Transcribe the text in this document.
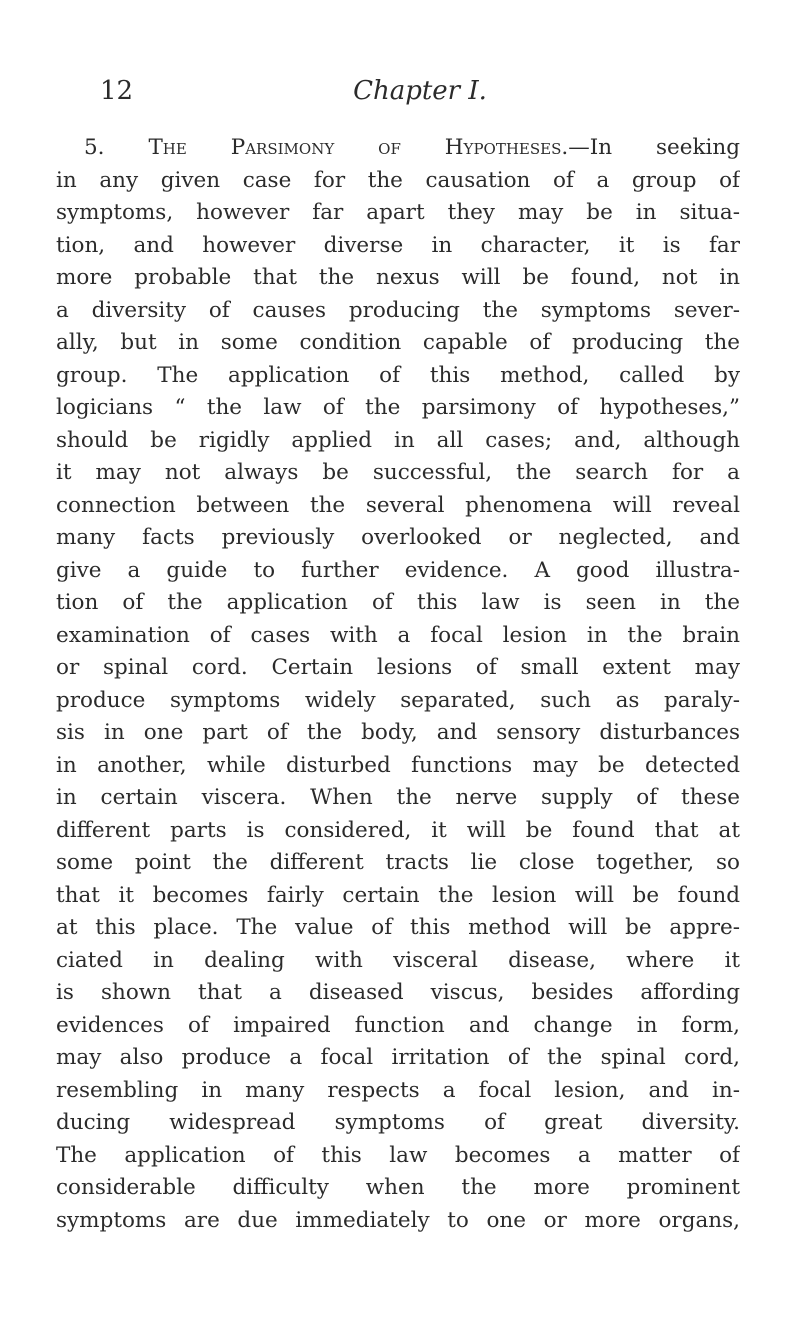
12	Chapter I.
5. The Parsimony of Hypotheses.—In seeking
in any given case for the causation of a group of
symptoms, however far apart they may be in situa-
tion, and however diverse in character, it is far
more probable that the nexus will be found, not in
a diversity of causes producing the symptoms sever-
ally, but in some condition capable of producing the
group. The application of this method, called by
logicians “ the law of the parsimony of hypotheses,”
should be rigidly applied in all cases; and, although
it may not always be successful, the search for a
connection between the several phenomena will reveal
many facts previously overlooked or neglected, and
give a guide to further evidence. A good illustra-
tion of the application of this law is seen in the
examination of cases with a focal lesion in the brain
or spinal cord. Certain lesions of small extent may
produce symptoms widely separated, such as paraly-
sis in one part of the body, and sensory disturbances
in another, while disturbed functions may be detected
in certain viscera. When the nerve supply of these
different parts is considered, it will be found that at
some point the different tracts lie close together, so
that it becomes fairly certain the lesion will be found
at this place. The value of this method will be appre-
ciated in dealing with visceral disease, where it
is shown that a diseased viscus, besides affording
evidences of impaired function and change in form,
may also produce a focal irritation of the spinal cord,
resembling in many respects a focal lesion, and in-
ducing widespread symptoms of great diversity.
The application of this law becomes a matter of
considerable difficulty when the more prominent
symptoms are due immediately to one or more organs,
